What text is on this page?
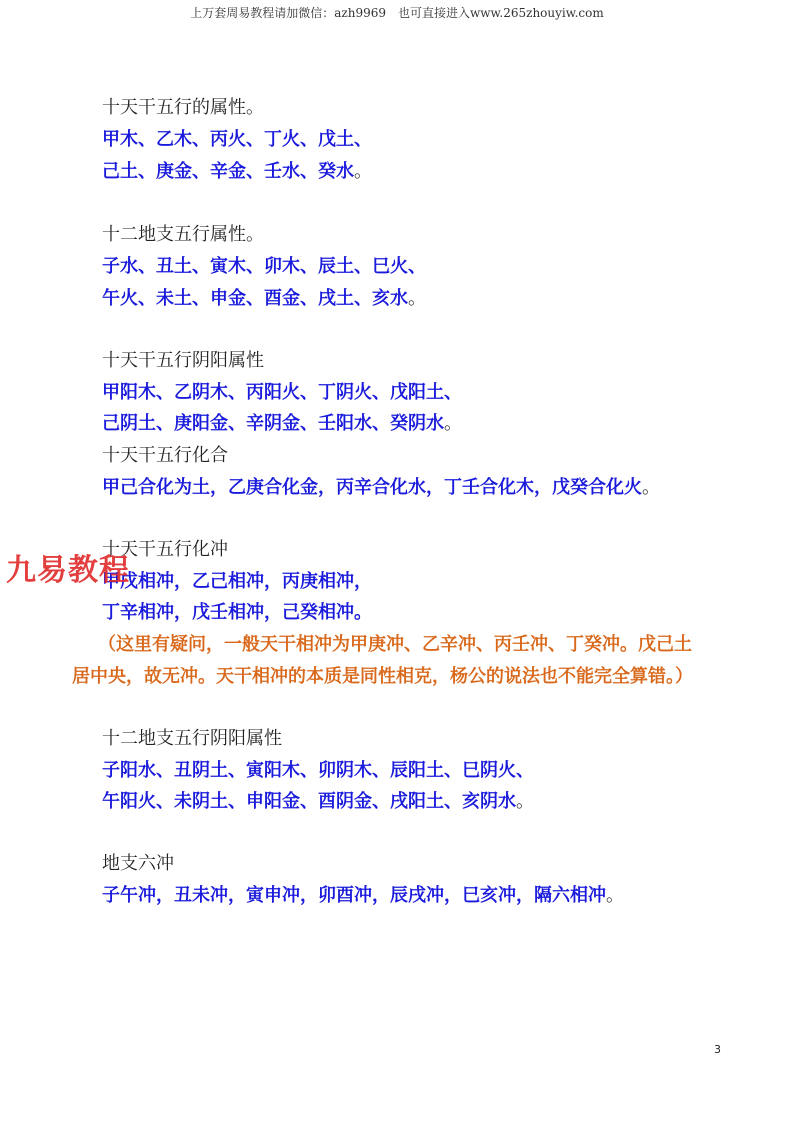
上万套周易教程请加微信：azh9969　也可直接进入www.265zhouyiw.com
十天干五行的属性。
甲木、乙木、丙火、丁火、戊土、
己土、庚金、辛金、壬水、癸水。
十二地支五行属性。
子水、丑土、寅木、卯木、辰土、巳火、
午火、未土、申金、酉金、戌土、亥水。
十天干五行阴阳属性
甲阳木、乙阴木、丙阳火、丁阴火、戊阳土、
己阴土、庚阳金、辛阴金、壬阳水、癸阴水。
十天干五行化合
甲己合化为土，乙庚合化金，丙辛合化水，丁壬合化木，戊癸合化火。
十天干五行化冲
甲戊相冲，乙己相冲，丙庚相冲，
丁辛相冲，戊壬相冲，己癸相冲。
（这里有疑问，一般天干相冲为甲庚冲、乙辛冲、丙壬冲、丁癸冲。戊己土
居中央，故无冲。天干相冲的本质是同性相克，杨公的说法也不能完全算错。）
十二地支五行阴阳属性
子阳水、丑阴土、寅阳木、卯阴木、辰阳土、巳阴火、
午阳火、未阴土、申阳金、酉阴金、戌阳土、亥阴水。
地支六冲
子午冲，丑未冲，寅申冲，卯酉冲，辰戌冲，巳亥冲，隔六相冲。
九易教程
3
